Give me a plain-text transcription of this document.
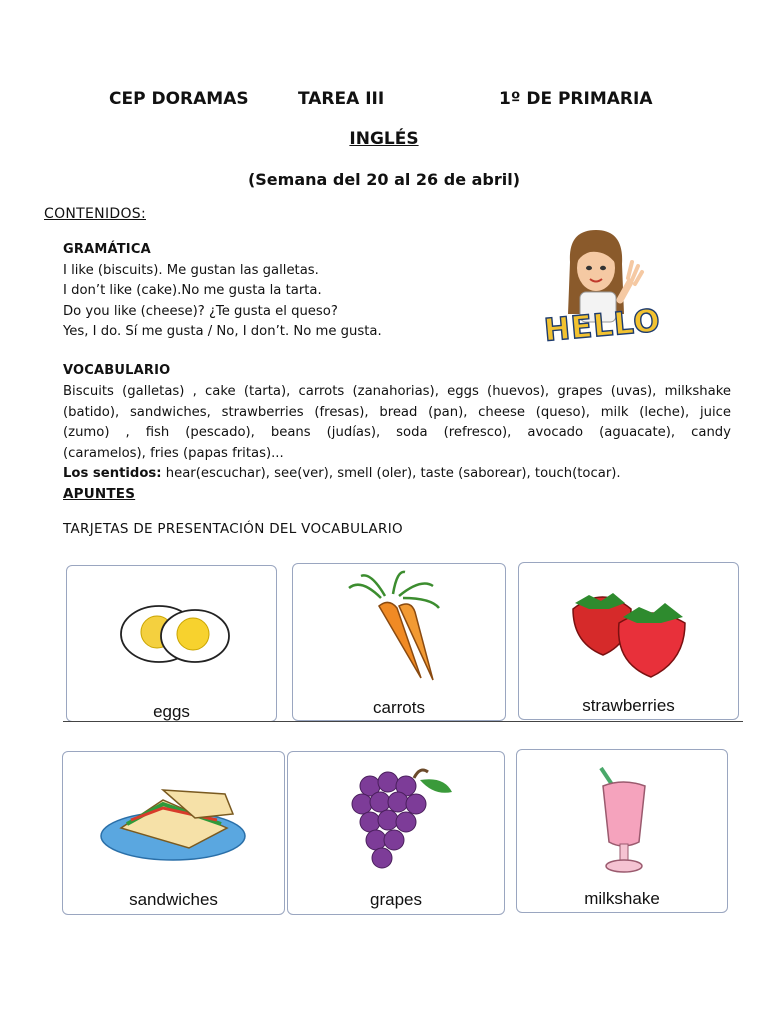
CEP DORAMAS	TAREA III	1º DE PRIMARIA
INGLÉS
(Semana del 20 al 26 de abril)
CONTENIDOS:
GRAMÁTICA
I like (biscuits). Me gustan las galletas.
I don’t like (cake).No me gusta la tarta.
Do you like (cheese)? ¿Te gusta el queso?
Yes, I do. Sí me gusta / No, I don’t. No me gusta.	HELLO
VOCABULARIO
Biscuits (galletas) , cake (tarta), carrots (zanahorias), eggs (huevos), grapes (uvas), milkshake
(batido), sandwiches, strawberries (fresas), bread (pan), cheese (queso), milk (leche), juice
(zumo) , fish (pescado), beans (judías), soda (refresco), avocado (aguacate), candy
(caramelos), fries (papas fritas)...
Los sentidos: hear(escuchar), see(ver), smell (oler), taste (saborear), touch(tocar).
APUNTES
TARJETAS DE PRESENTACIÓN DEL VOCABULARIO
eggs	carrots	strawberries
sandwiches	grapes	milkshake
